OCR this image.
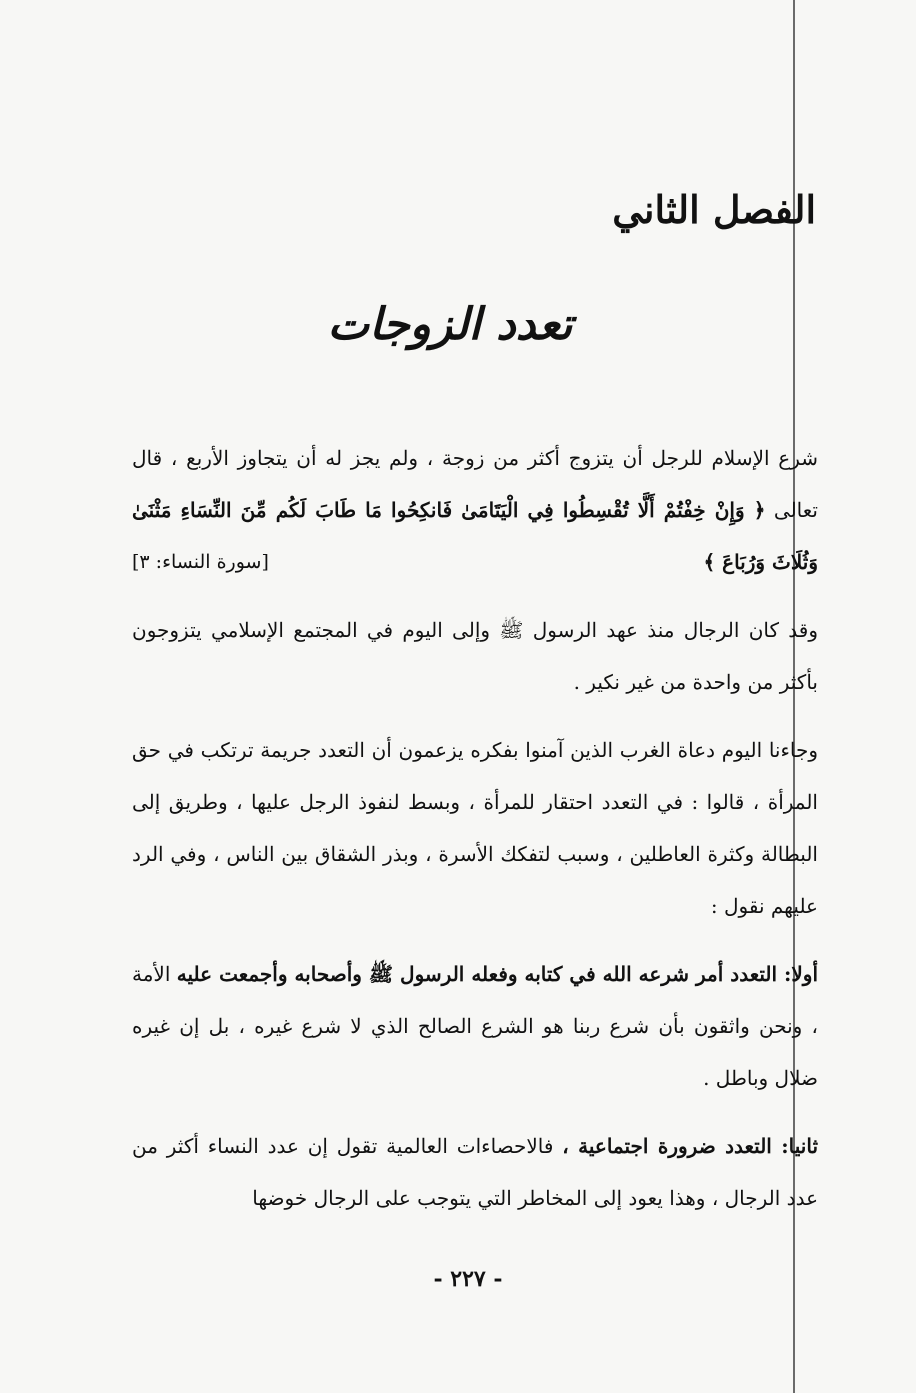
الفصل الثاني
تعدد الزوجات

شرع الإسلام للرجل أن يتزوج أكثر من زوجة ، ولم يجز له أن يتجاوز الأربع ، قال تعالى ﴿ وَإِنْ خِفْتُمْ أَلَّا تُقْسِطُوا فِي الْيَتَامَىٰ فَانكِحُوا مَا طَابَ لَكُم مِّنَ النِّسَاءِ مَثْنَىٰ وَثُلَاثَ وَرُبَاعَ ﴾
[سورة النساء: ٣]

وقد كان الرجال منذ عهد الرسول ﷺ وإلى اليوم في المجتمع الإسلامي يتزوجون بأكثر من واحدة من غير نكير .

وجاءنا اليوم دعاة الغرب الذين آمنوا بفكره يزعمون أن التعدد جريمة ترتكب في حق المرأة ، قالوا : في التعدد احتقار للمرأة ، وبسط لنفوذ الرجل عليها ، وطريق إلى البطالة وكثرة العاطلين ، وسبب لتفكك الأسرة ، وبذر الشقاق بين الناس ، وفي الرد عليهم نقول :

أولا: التعدد أمر شرعه الله في كتابه وفعله الرسول ﷺ وأصحابه وأجمعت عليه الأمة ، ونحن واثقون بأن شرع ربنا هو الشرع الصالح الذي لا شرع غيره ، بل إن غيره ضلال وباطل .

ثانيا: التعدد ضرورة اجتماعية ، فالاحصاءات العالمية تقول إن عدد النساء أكثر من عدد الرجال ، وهذا يعود إلى المخاطر التي يتوجب على الرجال خوضها

- ٢٢٧ -
